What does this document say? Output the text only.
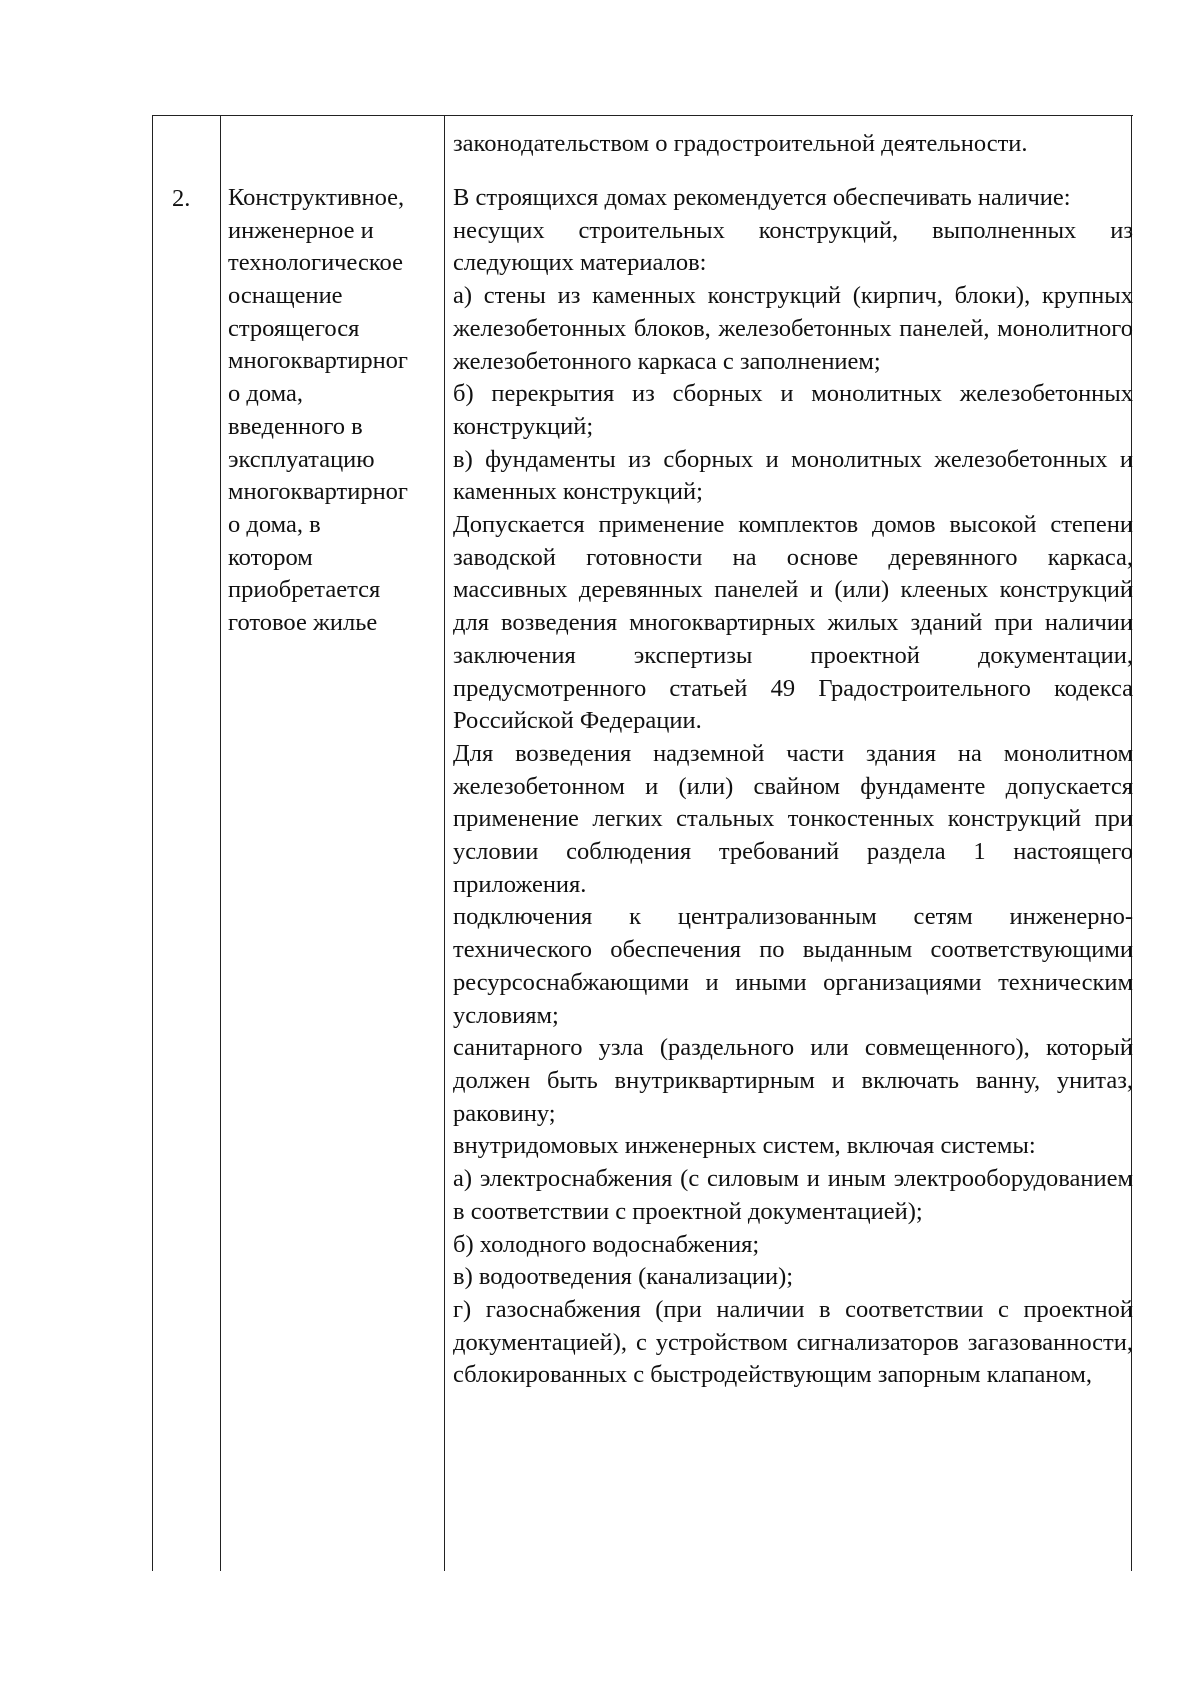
законодательством о градостроительной деятельности.
2. Конструктивное,
инженерное и
технологическое
оснащение
строящегося
многоквартирног
о дома,
введенного в
эксплуатацию
многоквартирног
о дома, в
котором
приобретается
готовое жилье

В строящихся домах рекомендуется обеспечивать наличие:

несущих строительных конструкций, выполненных из следующих материалов:

а) стены из каменных конструкций (кирпич, блоки), крупных железобетонных блоков, железобетонных панелей, монолитного железобетонного каркаса с заполнением;

б) перекрытия из сборных и монолитных железобетонных конструкций;

в) фундаменты из сборных и монолитных железобетонных и каменных конструкций;

Допускается применение комплектов домов высокой степени заводской готовности на основе деревянного каркаса, массивных деревянных панелей и (или) клееных конструкций для возведения многоквартирных жилых зданий при наличии заключения экспертизы проектной документации, предусмотренного статьей 49 Градостроительного кодекса Российской Федерации.

Для возведения надземной части здания на монолитном железобетонном и (или) свайном фундаменте допускается применение легких стальных тонкостенных конструкций при условии соблюдения требований раздела 1 настоящего приложения.

подключения к централизованным сетям инженерно-технического обеспечения по выданным соответствующими ресурсоснабжающими и иными организациями техническим условиям;

санитарного узла (раздельного или совмещенного), который должен быть внутриквартирным и включать ванну, унитаз, раковину;

внутридомовых инженерных систем, включая системы:

а) электроснабжения (с силовым и иным электрооборудованием в соответствии с проектной документацией);

б) холодного водоснабжения;

в) водоотведения (канализации);

г) газоснабжения (при наличии в соответствии с проектной документацией), с устройством сигнализаторов загазованности, сблокированных с быстродействующим запорным клапаном,
